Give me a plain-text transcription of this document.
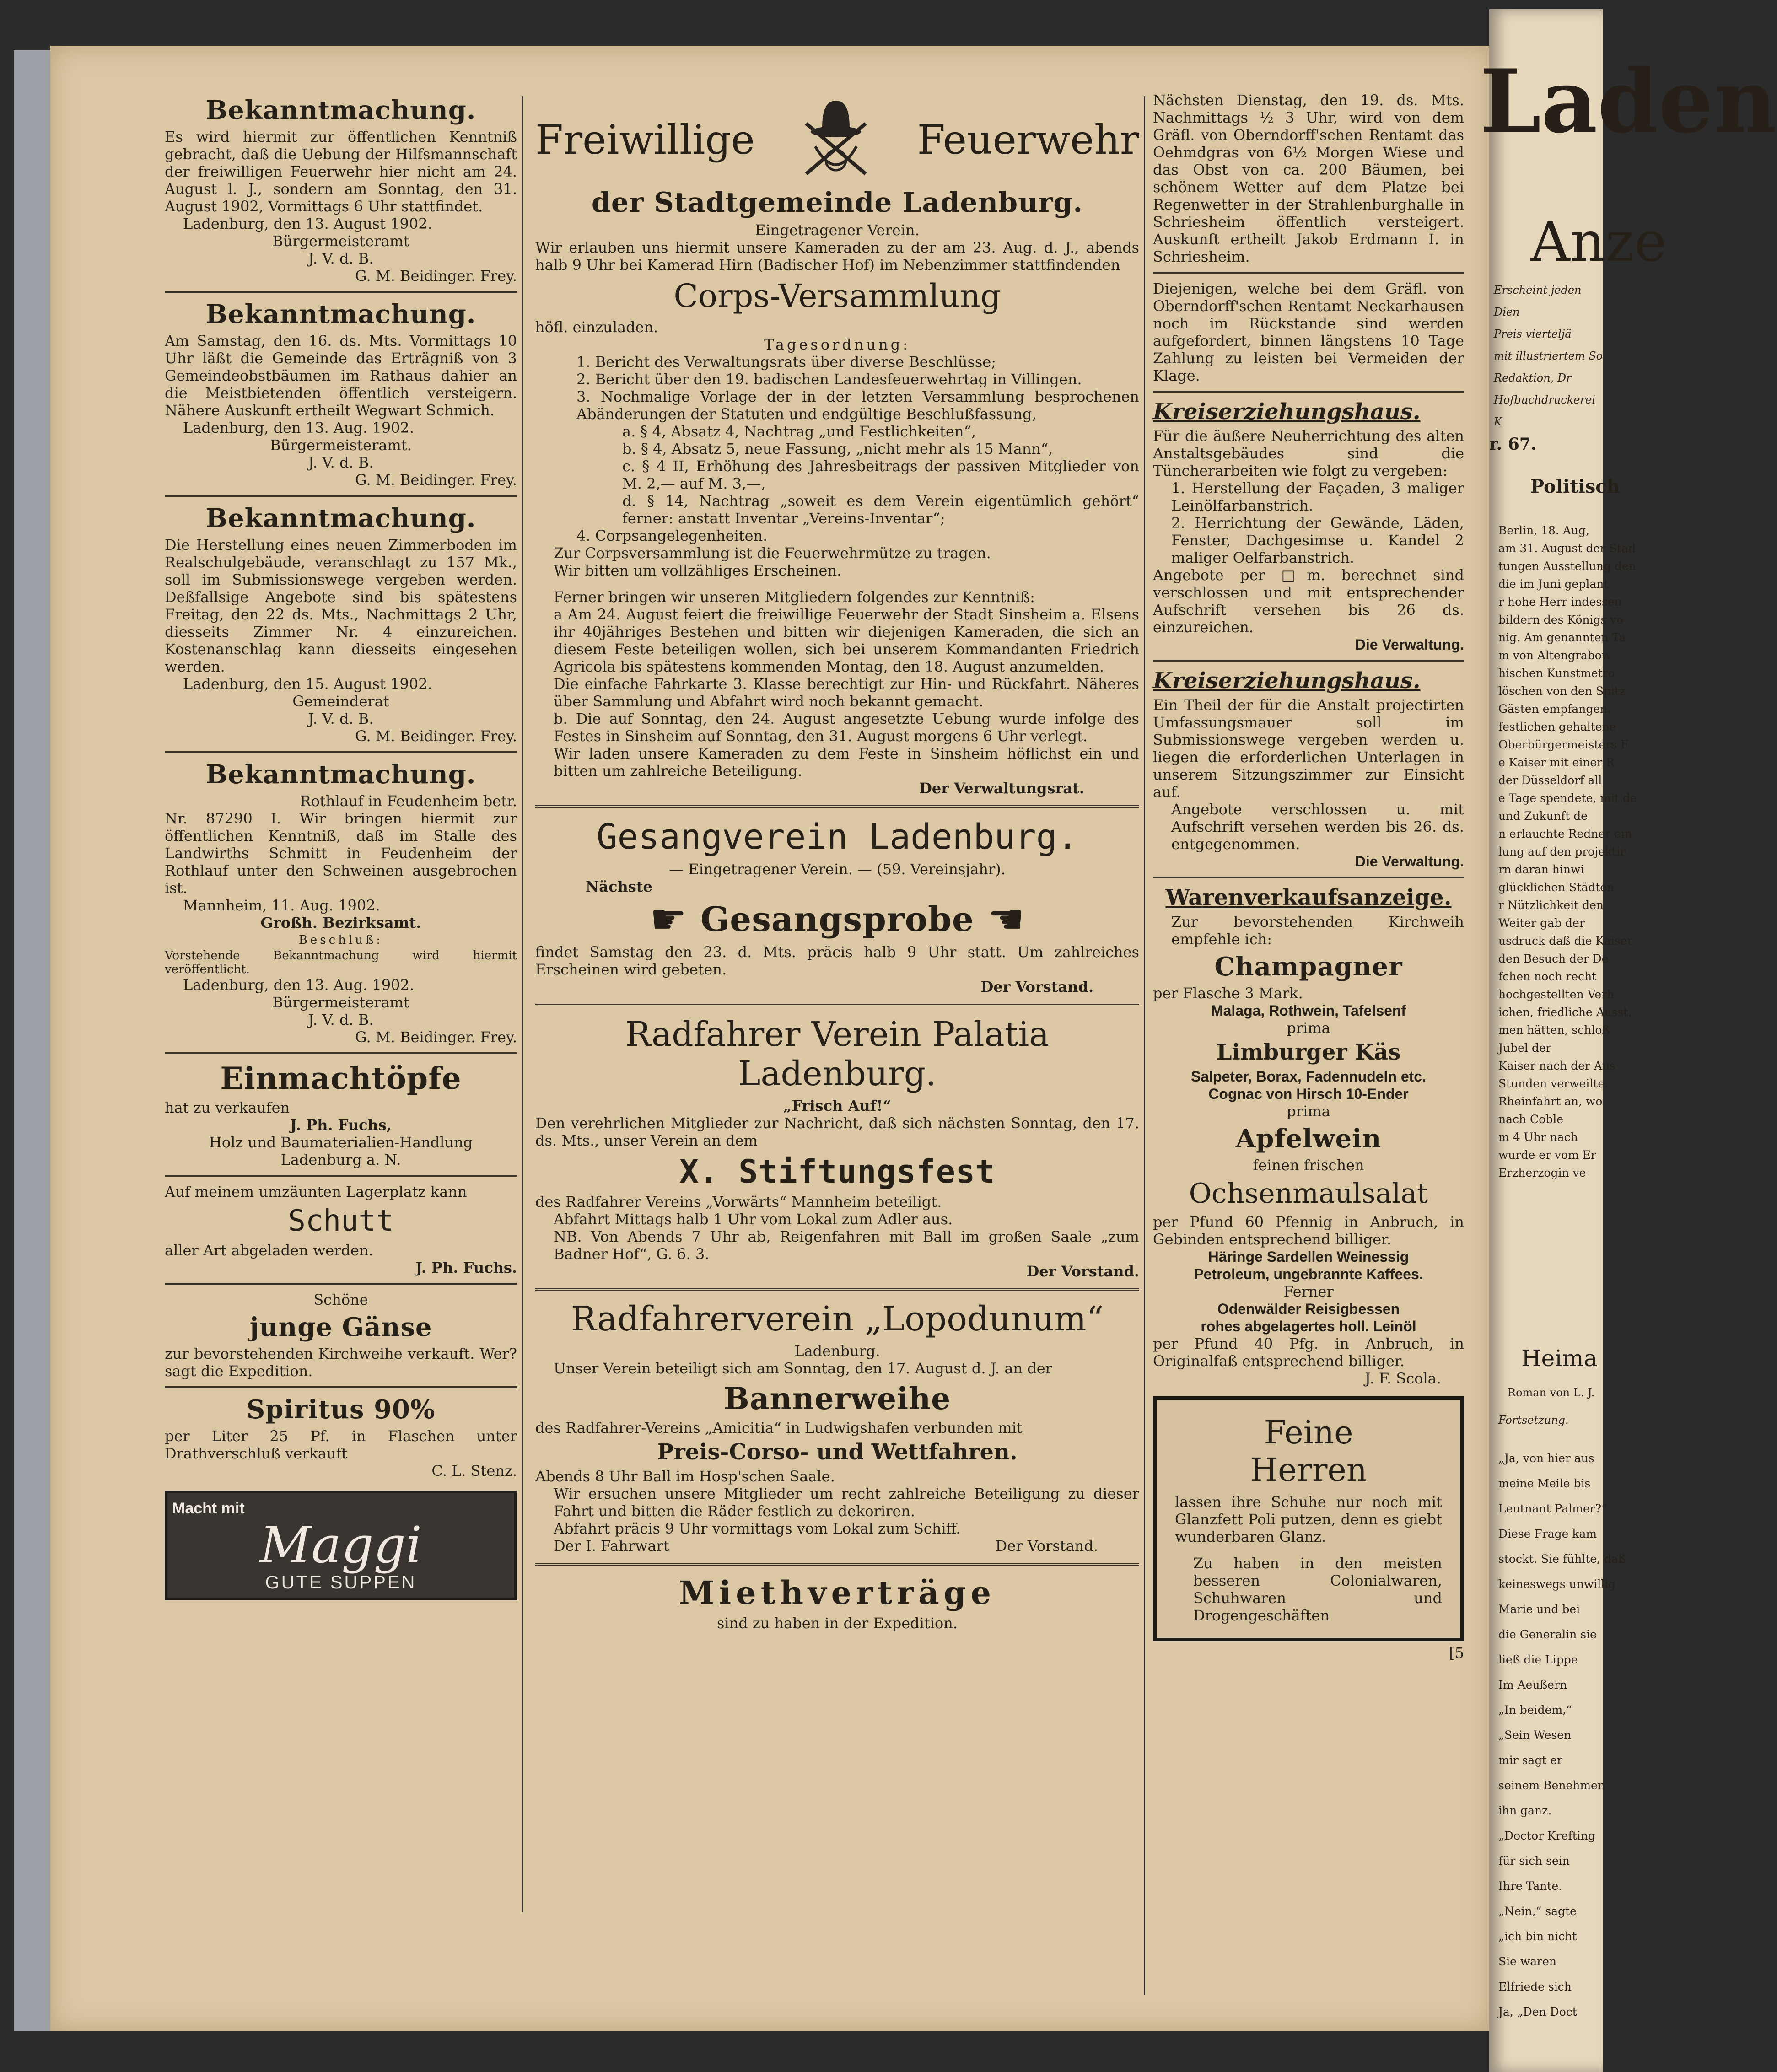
Bekanntmachung.

Es wird hiermit zur öffentlichen Kenntniß gebracht, daß die Uebung der Hilfsmannschaft der freiwilligen Feuerwehr hier nicht am 24. August l. J., sondern am Sonntag, den 31. August 1902, Vormittags 6 Uhr stattfindet.

Ladenburg, den 13. August 1902.

Bürgermeisteramt

J. V. d. B.

G. M. Beidinger. Frey.

Bekanntmachung.

Am Samstag, den 16. ds. Mts. Vormittags 10 Uhr läßt die Gemeinde das Erträgniß von 3 Gemeindeobstbäumen im Rathaus dahier an die Meistbietenden öffentlich versteigern. Nähere Auskunft ertheilt Wegwart Schmich.

Ladenburg, den 13. Aug. 1902.

Bürgermeisteramt.

J. V. d. B.

G. M. Beidinger. Frey.

Bekanntmachung.

Die Herstellung eines neuen Zimmerboden im Realschulgebäude, veranschlagt zu 157 Mk., soll im Submissionswege vergeben werden. Deßfallsige Angebote sind bis spätestens Freitag, den 22 ds. Mts., Nachmittags 2 Uhr, diesseits Zimmer Nr. 4 einzureichen. Kostenanschlag kann diesseits eingesehen werden.

Ladenburg, den 15. August 1902.

Gemeinderat

J. V. d. B.

G. M. Beidinger. Frey.

Bekanntmachung.

Rothlauf in Feudenheim betr.

Nr. 87290 I. Wir bringen hiermit zur öffentlichen Kenntniß, daß im Stalle des Landwirths Schmitt in Feudenheim der Rothlauf unter den Schweinen ausgebrochen ist.

Mannheim, 11. Aug. 1902.

Großh. Bezirksamt.

Beschluß:

Vorstehende Bekanntmachung wird hiermit veröffentlicht.

Ladenburg, den 13. Aug. 1902.

Bürgermeisteramt

J. V. d. B.

G. M. Beidinger. Frey.

Einmachtöpfe

hat zu verkaufen

J. Ph. Fuchs,

Holz und Baumaterialien-Handlung

Ladenburg a. N.

Auf meinem umzäunten Lagerplatz kann

Schutt

aller Art abgeladen werden.

J. Ph. Fuchs.

Schöne

junge Gänse

zur bevorstehenden Kirchweihe verkauft. Wer? sagt die Expedition.

Spiritus 90%

per Liter 25 Pf. in Flaschen unter Drathverschluß verkauft

C. L. Stenz.

Macht mit
Maggi
GUTE SUPPEN
Freiwillige	Feuerwehr
der Stadtgemeinde Ladenburg.

Eingetragener Verein.

Wir erlauben uns hiermit unsere Kameraden zu der am 23. Aug. d. J., abends halb 9 Uhr bei Kamerad Hirn (Badischer Hof) im Nebenzimmer stattfindenden

Corps-Versammlung

höfl. einzuladen.

Tagesordnung:

1. Bericht des Verwaltungsrats über diverse Beschlüsse;

2. Bericht über den 19. badischen Landesfeuerwehrtag in Villingen.

3. Nochmalige Vorlage der in der letzten Versammlung besprochenen Abänderungen der Statuten und endgültige Beschlußfassung,

a. § 4, Absatz 4, Nachtrag „und Festlichkeiten“,

b. § 4, Absatz 5, neue Fassung, „nicht mehr als 15 Mann“,

c. § 4 II, Erhöhung des Jahresbeitrags der passiven Mitglieder von M. 2,— auf M. 3,—,

d. § 14, Nachtrag „soweit es dem Verein eigentümlich gehört“ ferner: anstatt Inventar „Vereins-Inventar“;

4. Corpsangelegenheiten.

Zur Corpsversammlung ist die Feuerwehrmütze zu tragen.

Wir bitten um vollzähliges Erscheinen.

Ferner bringen wir unseren Mitgliedern folgendes zur Kenntniß:

a Am 24. August feiert die freiwillige Feuerwehr der Stadt Sinsheim a. Elsens ihr 40jähriges Bestehen und bitten wir diejenigen Kameraden, die sich an diesem Feste beteiligen wollen, sich bei unserem Kommandanten Friedrich Agricola bis spätestens kommenden Montag, den 18. August anzumelden.

Die einfache Fahrkarte 3. Klasse berechtigt zur Hin- und Rückfahrt. Näheres über Sammlung und Abfahrt wird noch bekannt gemacht.

b. Die auf Sonntag, den 24. August angesetzte Uebung wurde infolge des Festes in Sinsheim auf Sonntag, den 31. August morgens 6 Uhr verlegt.

Wir laden unsere Kameraden zu dem Feste in Sinsheim höflichst ein und bitten um zahlreiche Beteiligung.

Der Verwaltungsrat.

Gesangverein Ladenburg.

— Eingetragener Verein. — (59. Vereinsjahr).

Nächste

☛ Gesangsprobe ☚

findet Samstag den 23. d. Mts. präcis halb 9 Uhr statt. Um zahlreiches Erscheinen wird gebeten.

Der Vorstand.

Radfahrer Verein Palatia Ladenburg.

„Frisch Auf!“

Den verehrlichen Mitglieder zur Nachricht, daß sich nächsten Sonntag, den 17. ds. Mts., unser Verein an dem

X. Stiftungsfest

des Radfahrer Vereins „Vorwärts“ Mannheim beteiligt.

Abfahrt Mittags halb 1 Uhr vom Lokal zum Adler aus.

NB. Von Abends 7 Uhr ab, Reigenfahren mit Ball im großen Saale „zum Badner Hof“, G. 6. 3.

Der Vorstand.

Radfahrerverein „Lopodunum“

Ladenburg.

Unser Verein beteiligt sich am Sonntag, den 17. August d. J. an der

Bannerweihe

des Radfahrer-Vereins „Amicitia“ in Ludwigshafen verbunden mit

Preis-Corso- und Wettfahren.

Abends 8 Uhr Ball im Hosp'schen Saale.

Wir ersuchen unsere Mitglieder um recht zahlreiche Beteiligung zu dieser Fahrt und bitten die Räder festlich zu dekoriren.

Abfahrt präcis 9 Uhr vormittags vom Lokal zum Schiff.

Der I. Fahrwart	Der Vorstand.
Miethverträge

sind zu haben in der Expedition.

Nächsten Dienstag, den 19. ds. Mts. Nachmittags ½ 3 Uhr, wird von dem Gräfl. von Oberndorff'schen Rentamt das Oehmdgras von 6½ Morgen Wiese und das Obst von ca. 200 Bäumen, bei schönem Wetter auf dem Platze bei Regenwetter in der Strahlenburghalle in Schriesheim öffentlich versteigert. Auskunft ertheilt Jakob Erdmann I. in Schriesheim.

Diejenigen, welche bei dem Gräfl. von Oberndorff'schen Rentamt Neckarhausen noch im Rückstande sind werden aufgefordert, binnen längstens 10 Tage Zahlung zu leisten bei Vermeiden der Klage.

Kreiserziehungshaus.

Für die äußere Neuherrichtung des alten Anstaltsgebäudes sind die Tüncherarbeiten wie folgt zu vergeben:

1. Herstellung der Façaden, 3 maliger Leinölfarbanstrich.

2. Herrichtung der Gewände, Läden, Fenster, Dachgesimse u. Kandel 2 maliger Oelfarbanstrich.

Angebote per □m. berechnet sind verschlossen und mit entsprechender Aufschrift versehen bis 26 ds. einzureichen.

Die Verwaltung.

Kreiserziehungshaus.

Ein Theil der für die Anstalt projectirten Umfassungsmauer soll im Submissionswege vergeben werden u. liegen die erforderlichen Unterlagen in unserem Sitzungszimmer zur Einsicht auf.

Angebote verschlossen u. mit Aufschrift versehen werden bis 26. ds. entgegenommen.

Die Verwaltung.

Warenverkaufsanzeige.

Zur bevorstehenden Kirchweih empfehle ich:

Champagner

per Flasche 3 Mark.

Malaga, Rothwein, Tafelsenf

prima

Limburger Käs

Salpeter, Borax, Fadennudeln etc.

Cognac von Hirsch 10-Ender

prima

Apfelwein

feinen frischen

Ochsenmaulsalat

per Pfund 60 Pfennig in Anbruch, in Gebinden entsprechend billiger.

Häringe Sardellen Weinessig

Petroleum, ungebrannte Kaffees.

Ferner

Odenwälder Reisigbessen

rohes abgelagertes holl. Leinöl

per Pfund 40 Pfg. in Anbruch, in Originalfaß entsprechend billiger.

J. F. Scola.

Feine
Herren

lassen ihre Schuhe nur noch mit Glanzfett Poli putzen, denn es giebt wunderbaren Glanz.

Zu haben in den meisten besseren Colonialwaren, Schuhwaren und Drogengeschäften

[5

Laden
Anze
Erscheint jeden Dien
Preis vierteljä
mit illustriertem So
Redaktion, Dr
Hofbuchdruckerei K
r. 67.
Politisch
Berlin, 18. Aug,
am 31. August der Stad
tungen Ausstellung den
die im Juni geplant
r hohe Herr indessen
bildern des Königs vo
nig. Am genannten Ta
m von Altengrabow
hischen Kunstmetro
löschen von den Spitz
Gästen empfangen.
festlichen gehaltene
Oberbürgermeisters F
e Kaiser mit einer R
der Düsseldorf all
e Tage spendete, mit de
und Zukunft de
n erlauchte Redner ein
lung auf den projektir
rn daran hinwi
glücklichen Städten
r Nützlichkeit den
Weiter gab der
usdruck daß die Kaiser
den Besuch der De
fchen noch recht
hochgestellten Verh
ichen, friedliche Ausst.
men hätten, schloß
Jubel der
Kaiser nach der Aus
Stunden verweilte.
Rheinfahrt an, wo
nach Coble
m 4 Uhr nach
wurde er vom Er
Erzherzogin ve
Heima
Roman von L. J.
Fortsetzung.
„Ja, von hier aus
meine Meile bis
Leutnant Palmer?“
Diese Frage kam
stockt. Sie fühlte, daß
keineswegs unwillig
Marie und bei
die Generalin sie
ließ die Lippe
Im Aeußern
„In beidem,“
„Sein Wesen
mir sagt er
seinem Benehmen
ihn ganz.
„Doctor Krefting
für sich sein
Ihre Tante.
„Nein,“ sagte
„ich bin nicht
Sie waren
Elfriede sich
Ja, „Den Doct
